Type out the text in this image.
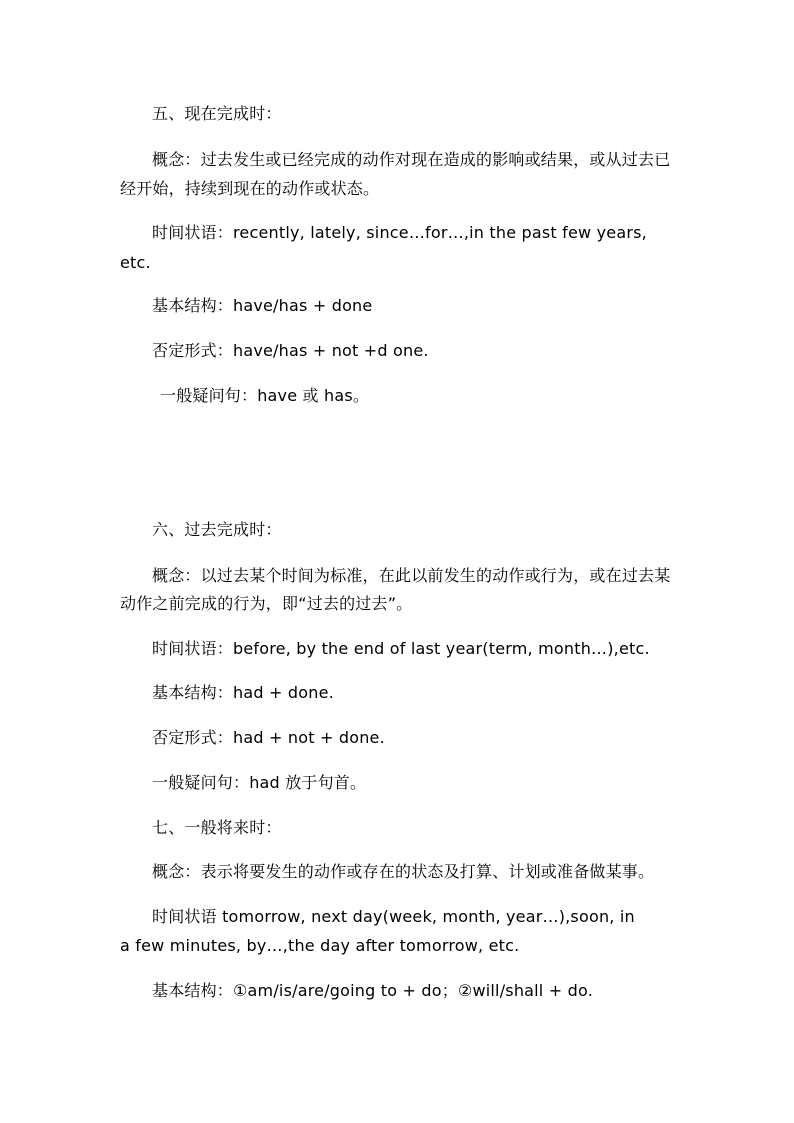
五、现在完成时：
概念：过去发生或已经完成的动作对现在造成的影响或结果，或从过去已
经开始，持续到现在的动作或状态。
时间状语：recently, lately, since…for…,in the past few years,
etc.
基本结构：have/has + done
否定形式：have/has + not +d one.
一般疑问句：have 或 has。
六、过去完成时：
概念：以过去某个时间为标准，在此以前发生的动作或行为，或在过去某
动作之前完成的行为，即“过去的过去”。
时间状语：before, by the end of last year(term, month…),etc.
基本结构：had + done.
否定形式：had + not + done.
一般疑问句：had 放于句首。
七、一般将来时：
概念：表示将要发生的动作或存在的状态及打算、计划或准备做某事。
时间状语 tomorrow, next day(week, month, year…),soon, in
a few minutes, by…,the day after tomorrow, etc.
基本结构：①am/is/are/going to + do；②will/shall + do.
